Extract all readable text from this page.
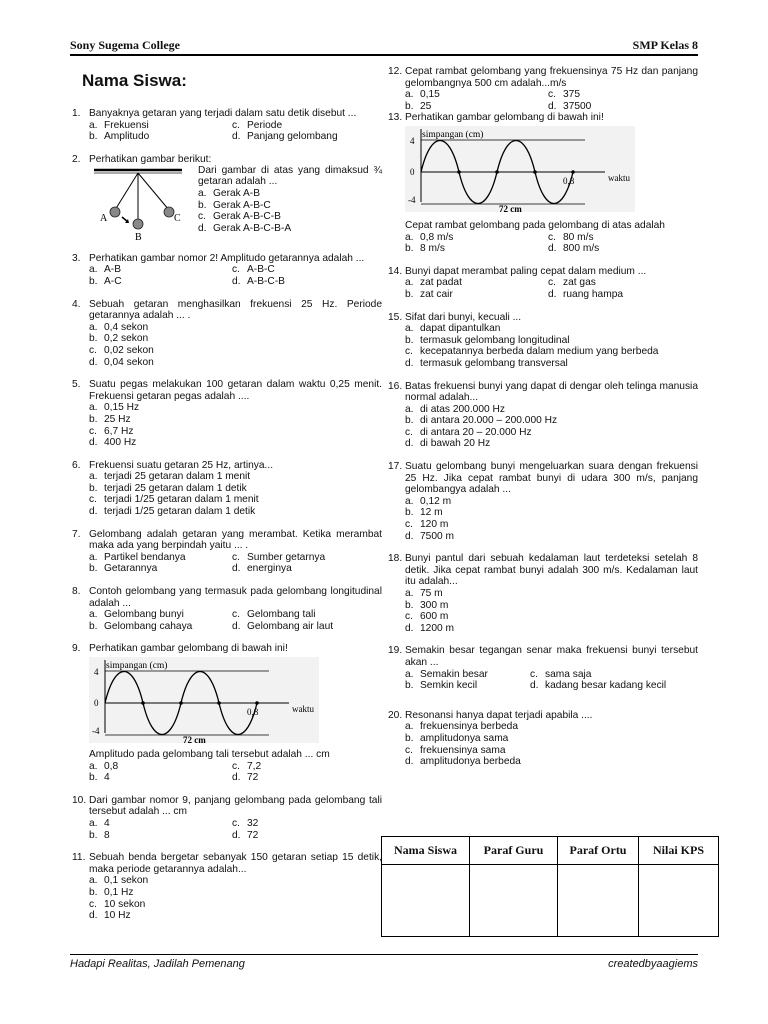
Sony Sugema College	SMP Kelas 8
Hadapi Realitas, Jadilah Pemenang	createdbyaagiems
Nama Siswa:
1. Banyaknya getaran yang terjadi dalam satu detik disebut ...
a. Frekuensi	c. Periode
b. Amplitudo	d. Panjang gelombang
2. Perhatikan gambar berikut:
A
B
C
Dari gambar di atas yang dimaksud ¾ getaran adalah ...
a. Gerak A-B
b. Gerak A-B-C
c. Gerak A-B-C-B
d. Gerak A-B-C-B-A
3. Perhatikan gambar nomor 2! Amplitudo getarannya adalah ...
a. A-B	c. A-B-C
b. A-C	d. A-B-C-B
4. Sebuah getaran menghasilkan frekuensi 25 Hz. Periode getarannya adalah ... .
a. 0,4 sekon
b. 0,2 sekon
c. 0,02 sekon
d. 0,04 sekon
5. Suatu pegas melakukan 100 getaran dalam waktu 0,25 menit. Frekuensi getaran pegas adalah ....
a. 0,15 Hz
b. 25 Hz
c. 6,7 Hz
d. 400 Hz
6. Frekuensi suatu getaran 25 Hz, artinya...
a. terjadi 25 getaran dalam 1 menit
b. terjadi 25 getaran dalam 1 detik
c. terjadi 1/25 getaran dalam 1 menit
d. terjadi 1/25 getaran dalam 1 detik
7. Gelombang adalah getaran yang merambat. Ketika merambat maka ada yang berpindah yaitu ... .
a. Partikel bendanya	c. Sumber getarnya
b. Getarannya	d. energinya
8. Contoh gelombang yang termasuk pada gelombang longitudinal adalah ...
a. Gelombang bunyi	c. Gelombang tali
b. Gelombang cahaya	d. Gelombang air laut
9. Perhatikan gambar gelombang di bawah ini!
simpangan (cm)
4
0
-4
0,8	waktu
72 cm
Amplitudo pada gelombang tali tersebut adalah ... cm
a. 0,8	c. 7,2
b. 4	d. 72
10. Dari gambar nomor 9, panjang gelombang pada gelombang tali tersebut adalah ... cm
a. 4	c. 32
b. 8	d. 72
11. Sebuah benda bergetar sebanyak 150 getaran setiap 15 detik, maka periode getarannya adalah...
a. 0,1 sekon
b. 0,1 Hz
c. 10 sekon
d. 10 Hz
12. Cepat rambat gelombang yang frekuensinya 75 Hz dan panjang gelombangnya 500 cm adalah...m/s
a. 0,15	c. 375
b. 25	d. 37500
13. Perhatikan gambar gelombang di bawah ini!
simpangan (cm)
4
0
-4
0,8	waktu
72 cm
Cepat rambat gelombang pada gelombang di atas adalah
a. 0,8 m/s	c. 80 m/s
b. 8 m/s	d. 800 m/s
14. Bunyi dapat merambat paling cepat dalam medium ...
a. zat padat	c. zat gas
b. zat cair	d. ruang hampa
15. Sifat dari bunyi, kecuali ...
a. dapat dipantulkan
b. termasuk gelombang longitudinal
c. kecepatannya berbeda dalam medium yang berbeda
d. termasuk gelombang transversal
16. Batas frekuensi bunyi yang dapat di dengar oleh telinga manusia normal adalah...
a. di atas 200.000 Hz
b. di antara 20.000 – 200.000 Hz
c. di antara 20 – 20.000 Hz
d. di bawah 20 Hz
17. Suatu gelombang bunyi mengeluarkan suara dengan frekuensi 25 Hz. Jika cepat rambat bunyi di udara 300 m/s, panjang gelombangya adalah ...
a. 0,12 m
b. 12 m
c. 120 m
d. 7500 m
18. Bunyi pantul dari sebuah kedalaman laut terdeteksi setelah 8 detik. Jika cepat rambat bunyi adalah 300 m/s. Kedalaman laut itu adalah...
a. 75 m
b. 300 m
c. 600 m
d. 1200 m
19. Semakin besar tegangan senar maka frekuensi bunyi tersebut akan ...
a. Semakin besar	c. sama saja
b. Semkin kecil	d. kadang besar kadang kecil
20. Resonansi hanya dapat terjadi apabila ....
a. frekuensinya berbeda
b. amplitudonya sama
c. frekuensinya sama
d. amplitudonya berbeda
Nama Siswa	Paraf Guru	Paraf Ortu	Nilai KPS
